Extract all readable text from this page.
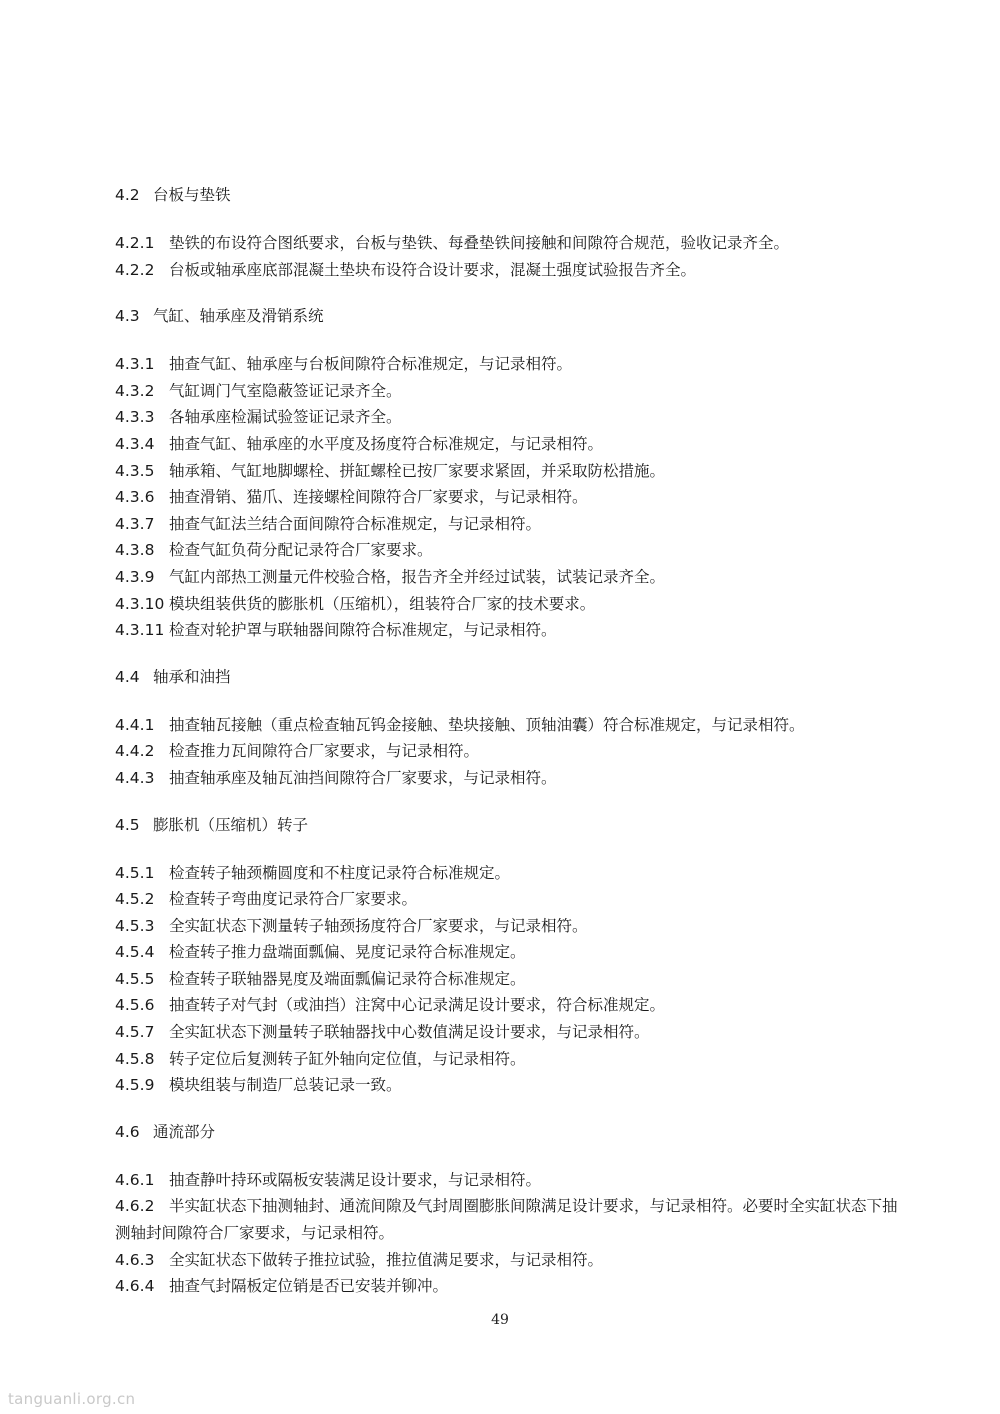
4.2 台板与垫铁
4.2.1 垫铁的布设符合图纸要求，台板与垫铁、每叠垫铁间接触和间隙符合规范，验收记录齐全。
4.2.2 台板或轴承座底部混凝土垫块布设符合设计要求，混凝土强度试验报告齐全。
4.3 气缸、轴承座及滑销系统
4.3.1 抽查气缸、轴承座与台板间隙符合标准规定，与记录相符。
4.3.2 气缸调门气室隐蔽签证记录齐全。
4.3.3 各轴承座检漏试验签证记录齐全。
4.3.4 抽查气缸、轴承座的水平度及扬度符合标准规定，与记录相符。
4.3.5 轴承箱、气缸地脚螺栓、拼缸螺栓已按厂家要求紧固，并采取防松措施。
4.3.6 抽查滑销、猫爪、连接螺栓间隙符合厂家要求，与记录相符。
4.3.7 抽查气缸法兰结合面间隙符合标准规定，与记录相符。
4.3.8 检查气缸负荷分配记录符合厂家要求。
4.3.9 气缸内部热工测量元件校验合格，报告齐全并经过试装，试装记录齐全。
4.3.10 模块组装供货的膨胀机（压缩机），组装符合厂家的技术要求。
4.3.11 检查对轮护罩与联轴器间隙符合标准规定，与记录相符。
4.4 轴承和油挡
4.4.1 抽查轴瓦接触（重点检查轴瓦钨金接触、垫块接触、顶轴油囊）符合标准规定，与记录相符。
4.4.2 检查推力瓦间隙符合厂家要求，与记录相符。
4.4.3 抽查轴承座及轴瓦油挡间隙符合厂家要求，与记录相符。
4.5 膨胀机（压缩机）转子
4.5.1 检查转子轴颈椭圆度和不柱度记录符合标准规定。
4.5.2 检查转子弯曲度记录符合厂家要求。
4.5.3 全实缸状态下测量转子轴颈扬度符合厂家要求，与记录相符。
4.5.4 检查转子推力盘端面瓢偏、晃度记录符合标准规定。
4.5.5 检查转子联轴器晃度及端面瓢偏记录符合标准规定。
4.5.6 抽查转子对气封（或油挡）注窝中心记录满足设计要求，符合标准规定。
4.5.7 全实缸状态下测量转子联轴器找中心数值满足设计要求，与记录相符。
4.5.8 转子定位后复测转子缸外轴向定位值，与记录相符。
4.5.9 模块组装与制造厂总装记录一致。
4.6 通流部分
4.6.1 抽查静叶持环或隔板安装满足设计要求，与记录相符。
4.6.2 半实缸状态下抽测轴封、通流间隙及气封周圈膨胀间隙满足设计要求，与记录相符。必要时全实缸状态下抽测轴封间隙符合厂家要求，与记录相符。
4.6.3 全实缸状态下做转子推拉试验，推拉值满足要求，与记录相符。
4.6.4 抽查气封隔板定位销是否已安装并铆冲。
49
tanguanli.org.cn
